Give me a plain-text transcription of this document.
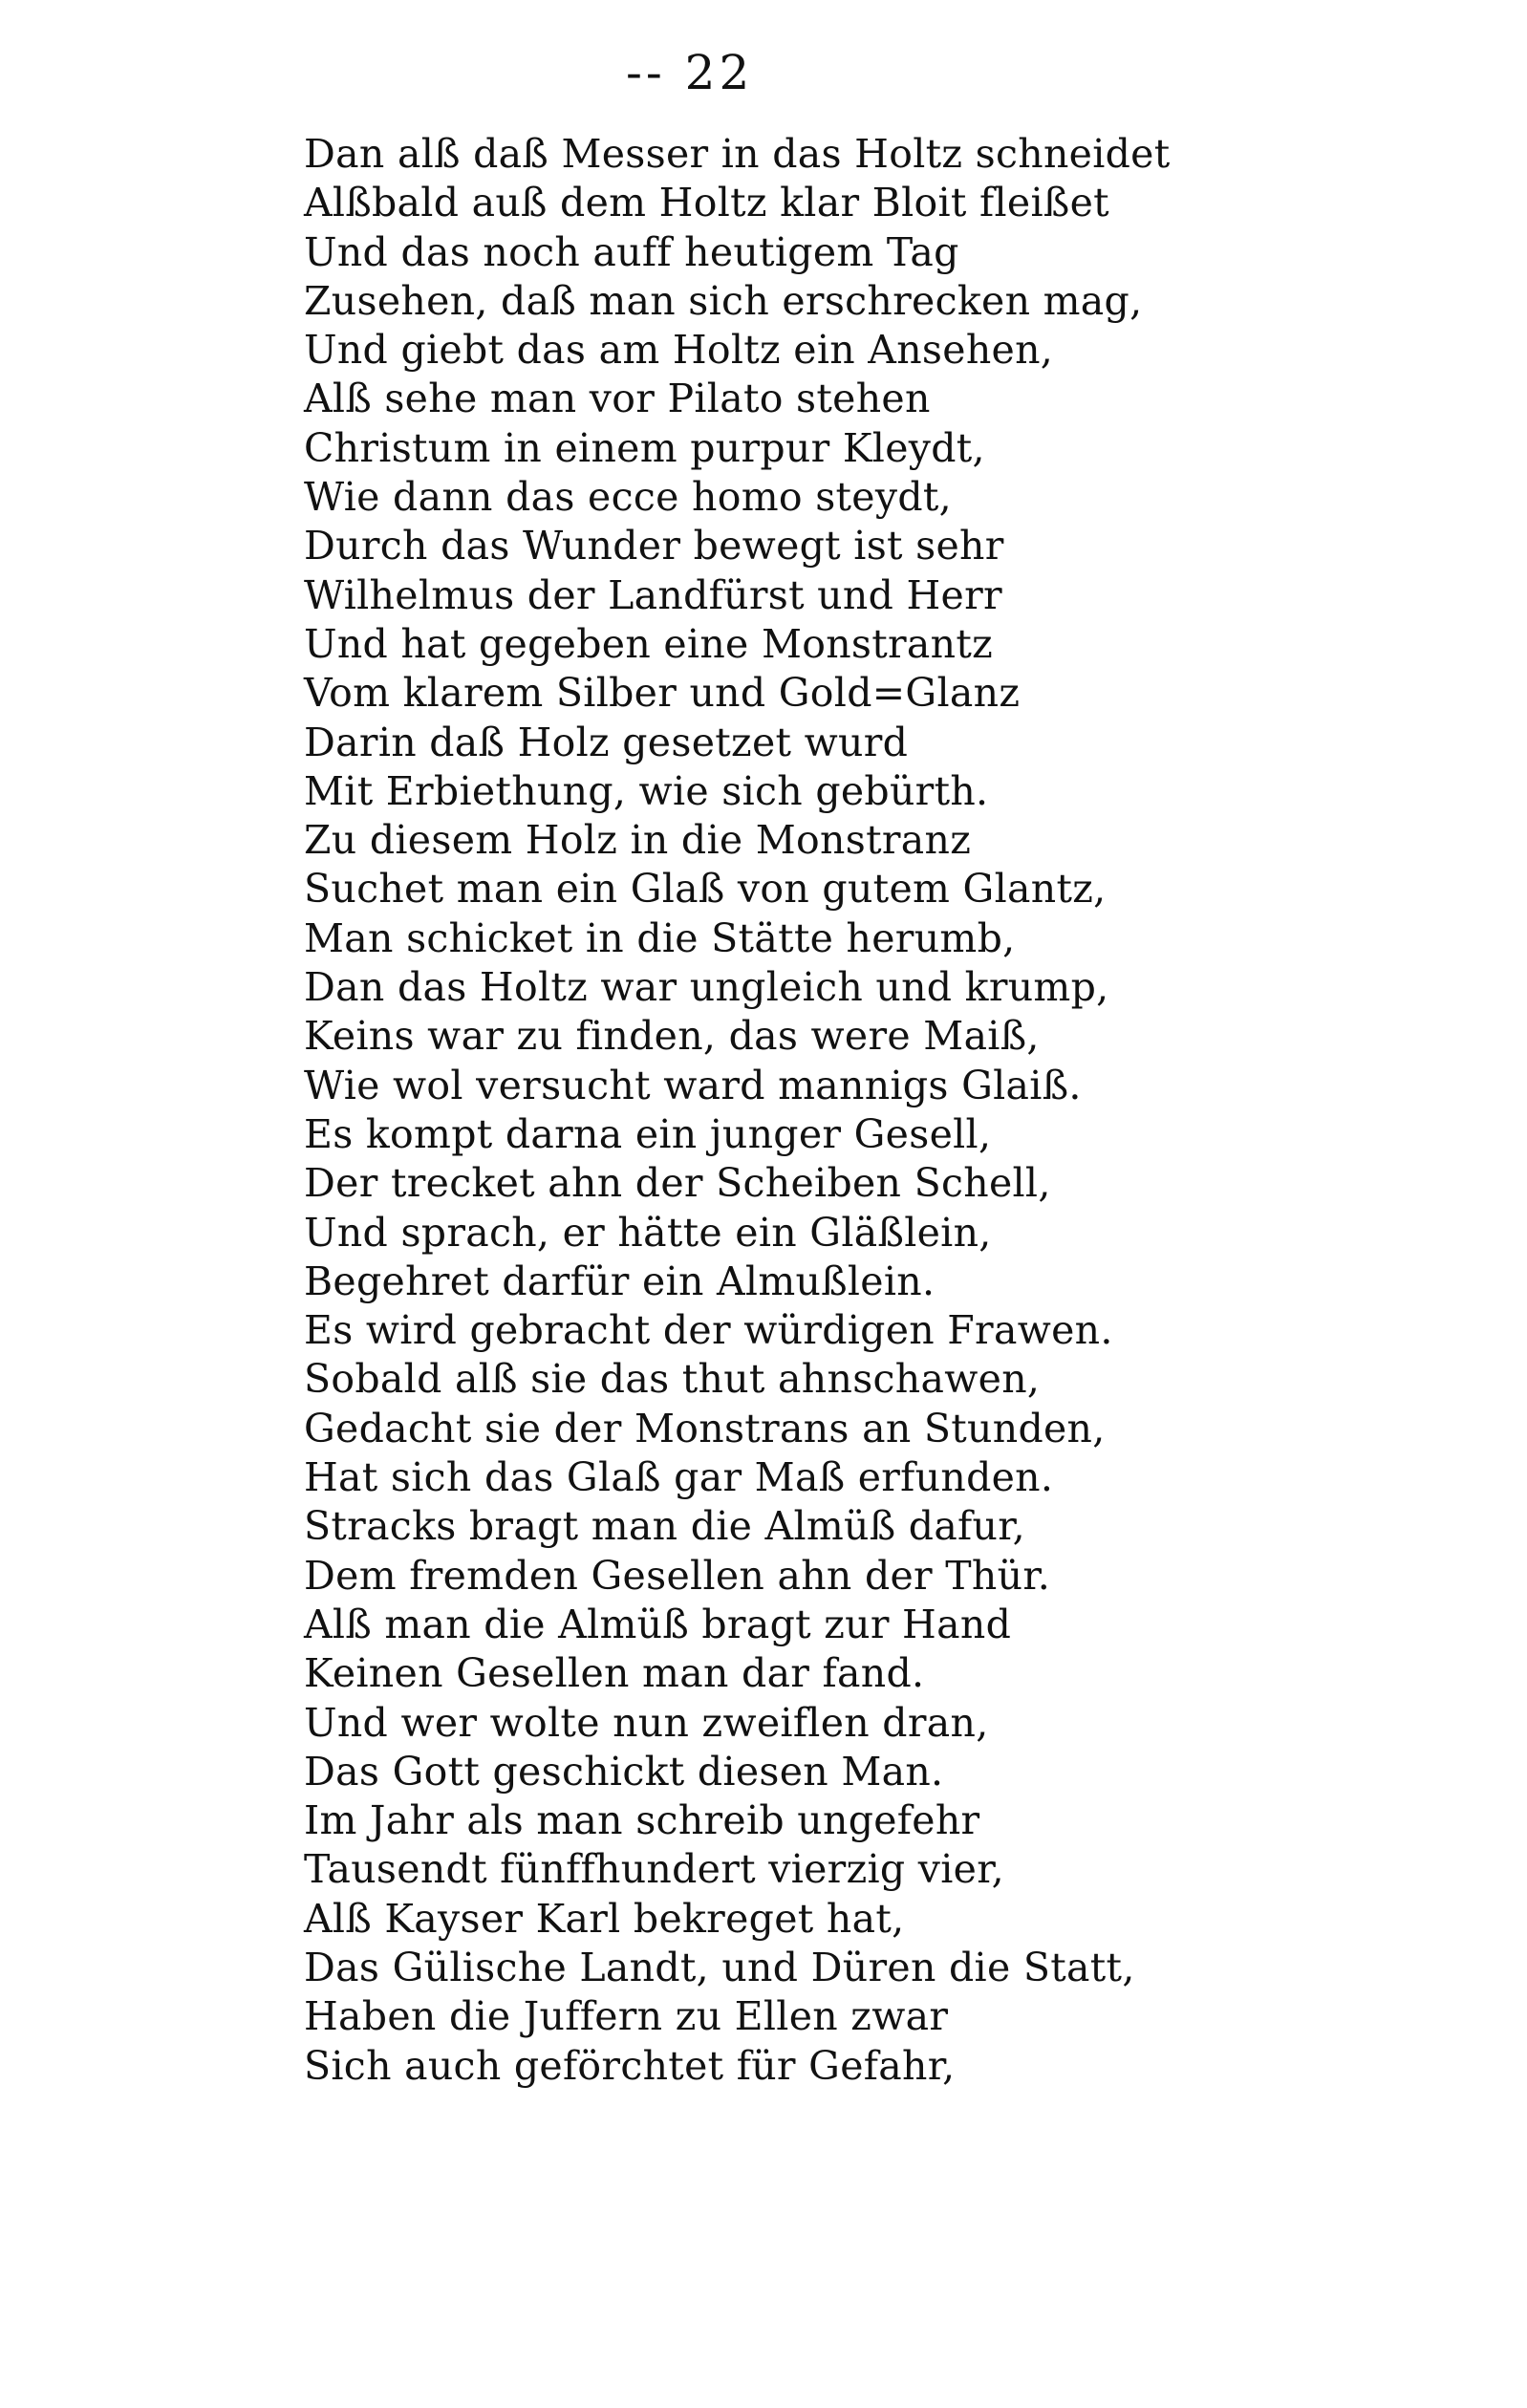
-- 22
Dan alß daß Messer in das Holtz schneidet
Alßbald auß dem Holtz klar Bloit fleißet
Und das noch auff heutigem Tag
Zusehen, daß man sich erschrecken mag,
Und giebt das am Holtz ein Ansehen,
Alß sehe man vor Pilato stehen
Christum in einem purpur Kleydt,
Wie dann das ecce homo steydt,
Durch das Wunder bewegt ist sehr
Wilhelmus der Landfürst und Herr
Und hat gegeben eine Monstrantz
Vom klarem Silber und Gold=Glanz
Darin daß Holz gesetzet wurd
Mit Erbiethung, wie sich gebürth.
Zu diesem Holz in die Monstranz
Suchet man ein Glaß von gutem Glantz,
Man schicket in die Stätte herumb,
Dan das Holtz war ungleich und krump,
Keins war zu finden, das were Maiß,
Wie wol versucht ward mannigs Glaiß.
Es kompt darna ein junger Gesell,
Der trecket ahn der Scheiben Schell,
Und sprach, er hätte ein Gläßlein,
Begehret darfür ein Almußlein.
Es wird gebracht der würdigen Frawen.
Sobald alß sie das thut ahnschawen,
Gedacht sie der Monstrans an Stunden,
Hat sich das Glaß gar Maß erfunden.
Stracks bragt man die Almüß dafur,
Dem fremden Gesellen ahn der Thür.
Alß man die Almüß bragt zur Hand
Keinen Gesellen man dar fand.
Und wer wolte nun zweiflen dran,
Das Gott geschickt diesen Man.
Im Jahr als man schreib ungefehr
Tausendt fünffhundert vierzig vier,
Alß Kayser Karl bekreget hat,
Das Gülische Landt, und Düren die Statt,
Haben die Juffern zu Ellen zwar
Sich auch geförchtet für Gefahr,
